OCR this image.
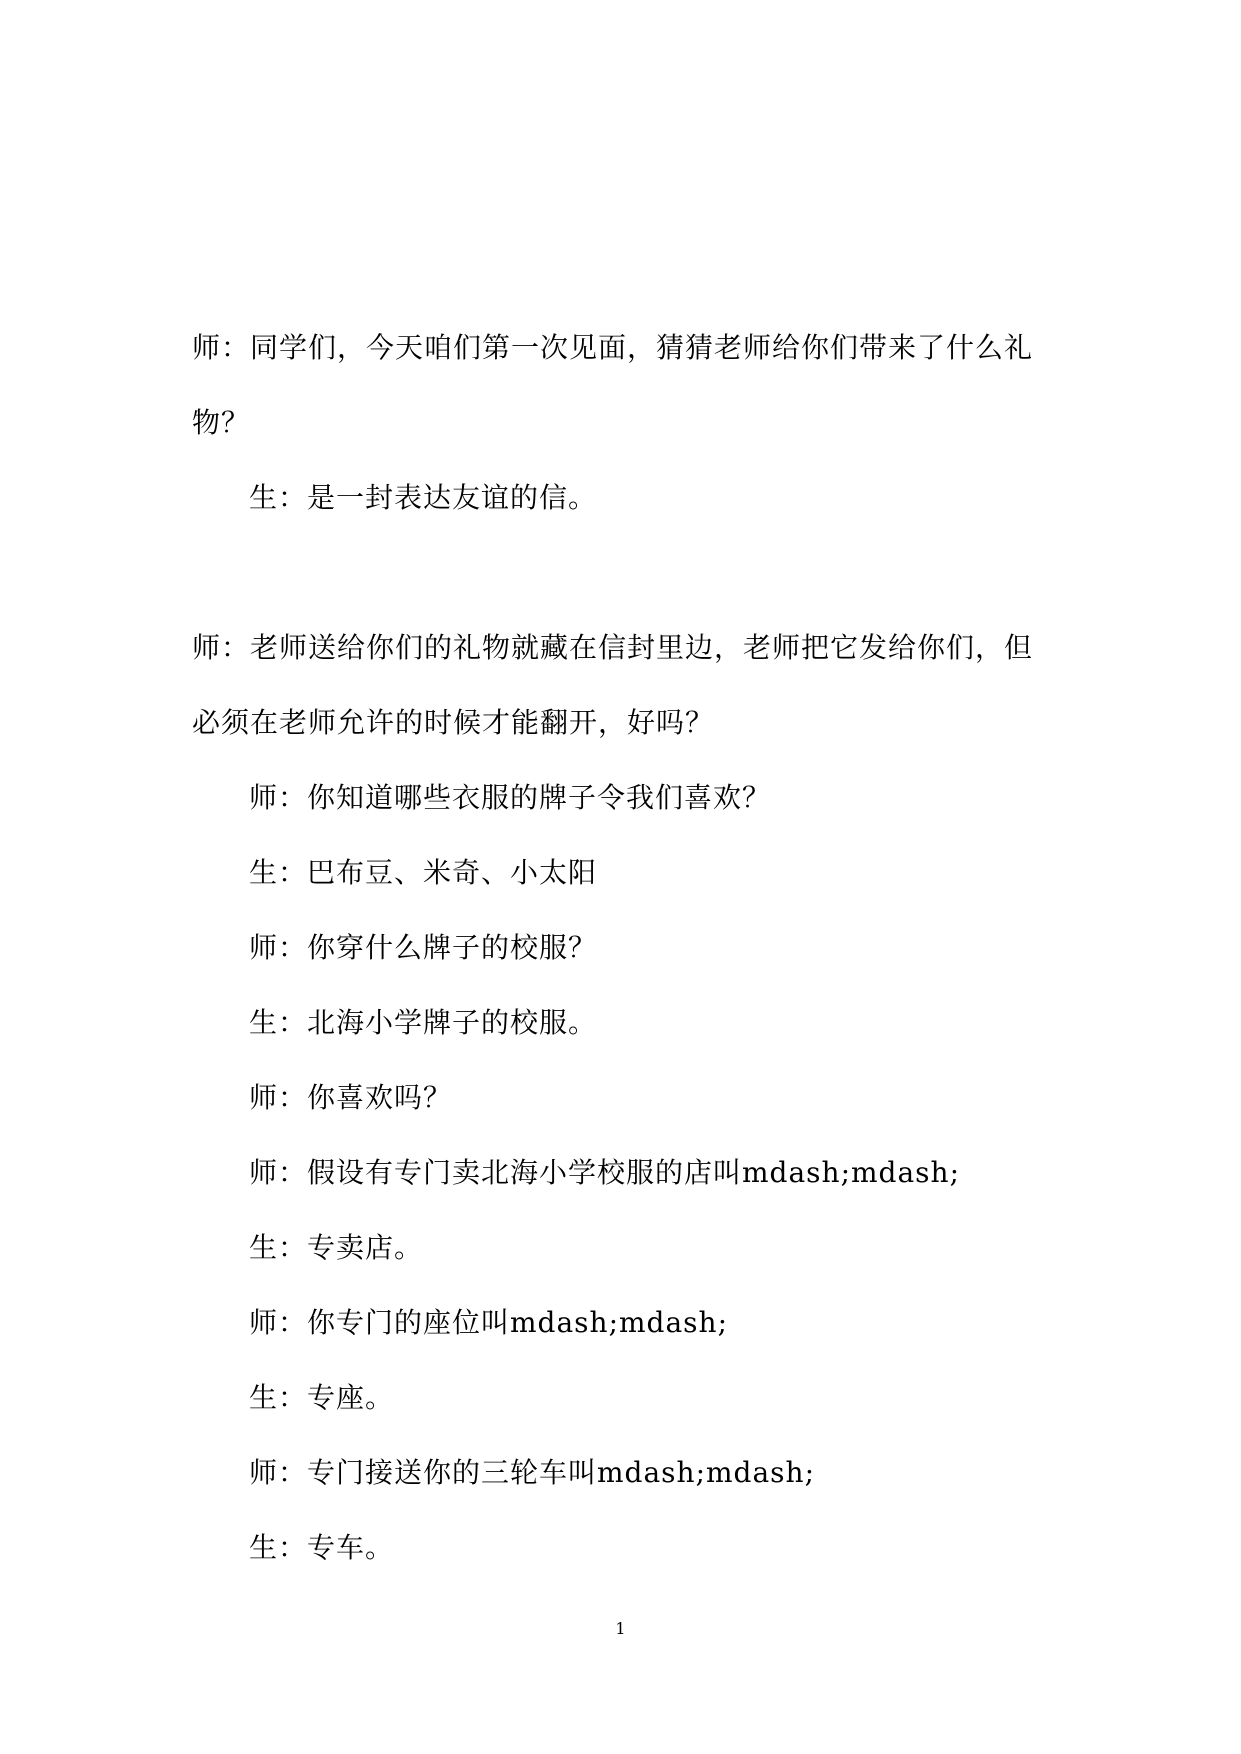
师：同学们，今天咱们第一次见面，猜猜老师给你们带来了什么礼
物？
生：是一封表达友谊的信。
师：老师送给你们的礼物就藏在信封里边，老师把它发给你们，但
必须在老师允许的时候才能翻开，好吗？
师：你知道哪些衣服的牌子令我们喜欢？
生：巴布豆、米奇、小太阳
师：你穿什么牌子的校服？
生：北海小学牌子的校服。
师：你喜欢吗？
师：假设有专门卖北海小学校服的店叫mdash;mdash;
生：专卖店。
师：你专门的座位叫mdash;mdash;
生：专座。
师：专门接送你的三轮车叫mdash;mdash;
生：专车。
1
